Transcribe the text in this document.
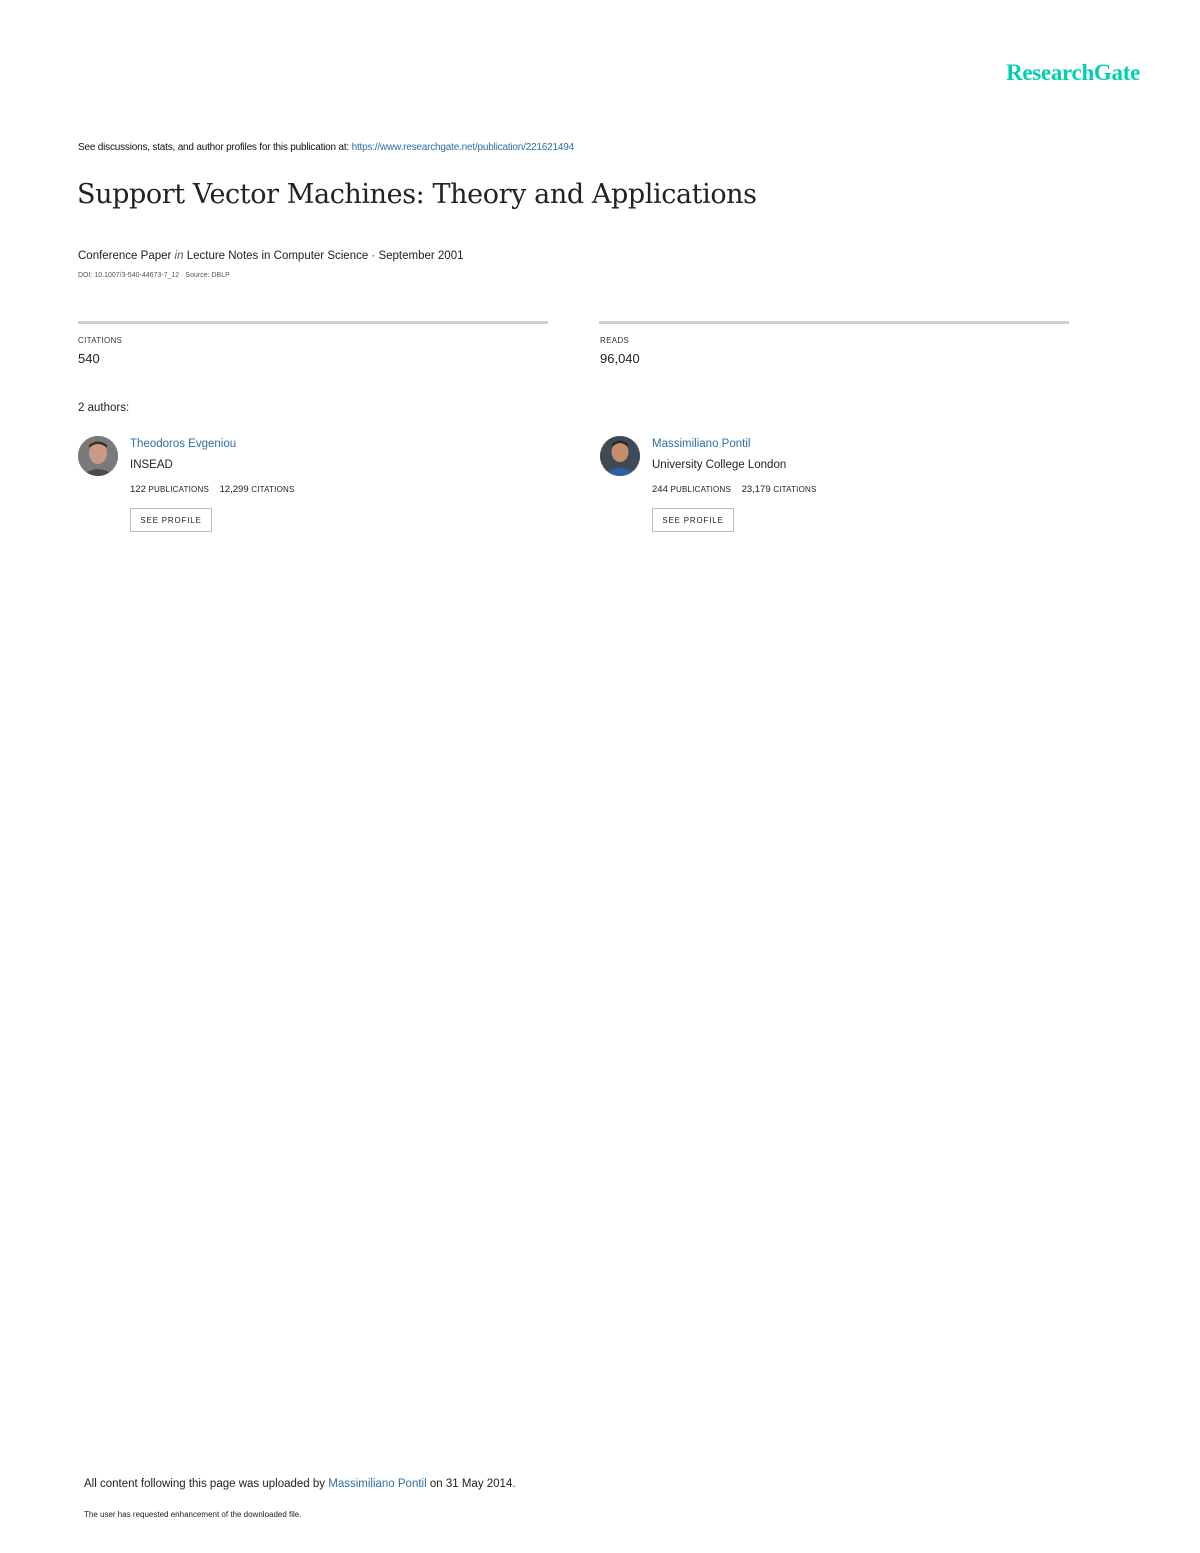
ResearchGate
See discussions, stats, and author profiles for this publication at: https://www.researchgate.net/publication/221621494
Support Vector Machines: Theory and Applications
Conference Paper in Lecture Notes in Computer Science · September 2001
DOI: 10.1007/3-540-44673-7_12 · Source: DBLP
CITATIONS
540
READS
96,040
2 authors:
Theodoros Evgeniou
INSEAD
122 PUBLICATIONS 12,299 CITATIONS
SEE PROFILE
Massimiliano Pontil
University College London
244 PUBLICATIONS 23,179 CITATIONS
SEE PROFILE
All content following this page was uploaded by Massimiliano Pontil on 31 May 2014.
The user has requested enhancement of the downloaded file.
